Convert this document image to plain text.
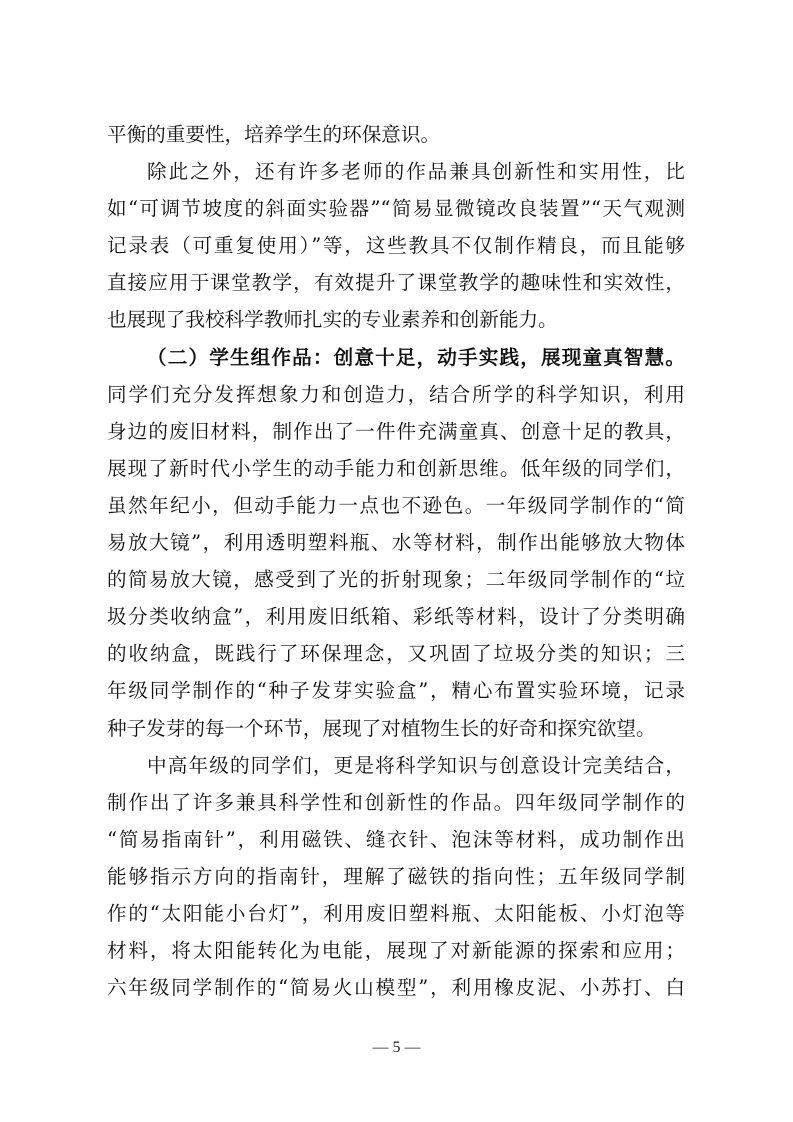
平衡的重要性，培养学生的环保意识。
除此之外，还有许多老师的作品兼具创新性和实用性，比
如“可调节坡度的斜面实验器”“简易显微镜改良装置”“天气观测
记录表（可重复使用）”等，这些教具不仅制作精良，而且能够
直接应用于课堂教学，有效提升了课堂教学的趣味性和实效性，
也展现了我校科学教师扎实的专业素养和创新能力。
（二）学生组作品：创意十足，动手实践，展现童真智慧。
同学们充分发挥想象力和创造力，结合所学的科学知识，利用
身边的废旧材料，制作出了一件件充满童真、创意十足的教具，
展现了新时代小学生的动手能力和创新思维。低年级的同学们，
虽然年纪小，但动手能力一点也不逊色。一年级同学制作的“简
易放大镜”，利用透明塑料瓶、水等材料，制作出能够放大物体
的简易放大镜，感受到了光的折射现象；二年级同学制作的“垃
圾分类收纳盒”，利用废旧纸箱、彩纸等材料，设计了分类明确
的收纳盒，既践行了环保理念，又巩固了垃圾分类的知识；三
年级同学制作的“种子发芽实验盒”，精心布置实验环境，记录
种子发芽的每一个环节，展现了对植物生长的好奇和探究欲望。
中高年级的同学们，更是将科学知识与创意设计完美结合，
制作出了许多兼具科学性和创新性的作品。四年级同学制作的
“简易指南针”，利用磁铁、缝衣针、泡沫等材料，成功制作出
能够指示方向的指南针，理解了磁铁的指向性；五年级同学制
作的“太阳能小台灯”，利用废旧塑料瓶、太阳能板、小灯泡等
材料，将太阳能转化为电能，展现了对新能源的探索和应用；
六年级同学制作的“简易火山模型”，利用橡皮泥、小苏打、白
— 5 —
